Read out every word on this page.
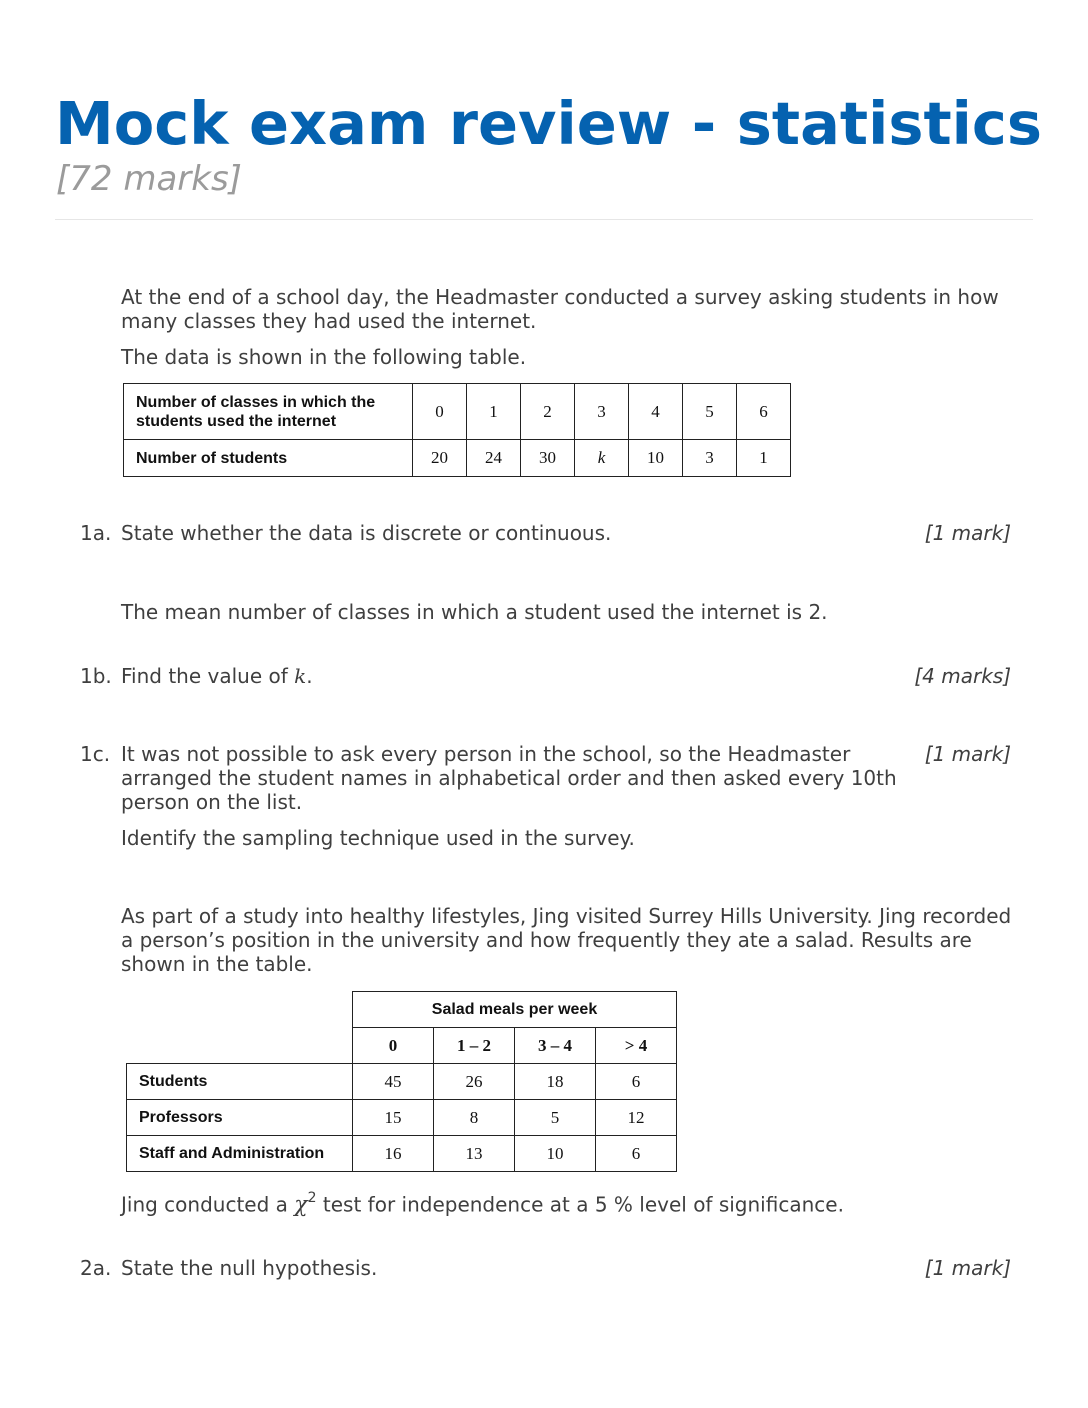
Mock exam review - statistics
[72 marks]

At the end of a school day, the Headmaster conducted a survey asking students in how many classes they had used the internet.

The data is shown in the following table.

Number of classes in which the students used the internet	0	1	2	3	4	5	6
Number of students	20	24	30	k	10	3	1
1a. State whether the data is discrete or continuous.	[1 mark]

The mean number of classes in which a student used the internet is 2.

1b. Find the value of k.	[4 marks]
1c. It was not possible to ask every person in the school, so the Headmaster arranged the student names in alphabetical order and then asked every 10th person on the list.

[1 mark]

Identify the sampling technique used in the survey.

As part of a study into healthy lifestyles, Jing visited Surrey Hills University. Jing recorded a person’s position in the university and how frequently they ate a salad. Results are shown in the table.

	Salad meals per week			
	0	1 – 2	3 – 4	> 4
Students	45	26	18	6
Professors	15	8	5	12
Staff and Administration	16	13	10	6

Jing conducted a $\chi^2$ test for independence at a 5 % level of significance.

2a. State the null hypothesis.	[1 mark]
